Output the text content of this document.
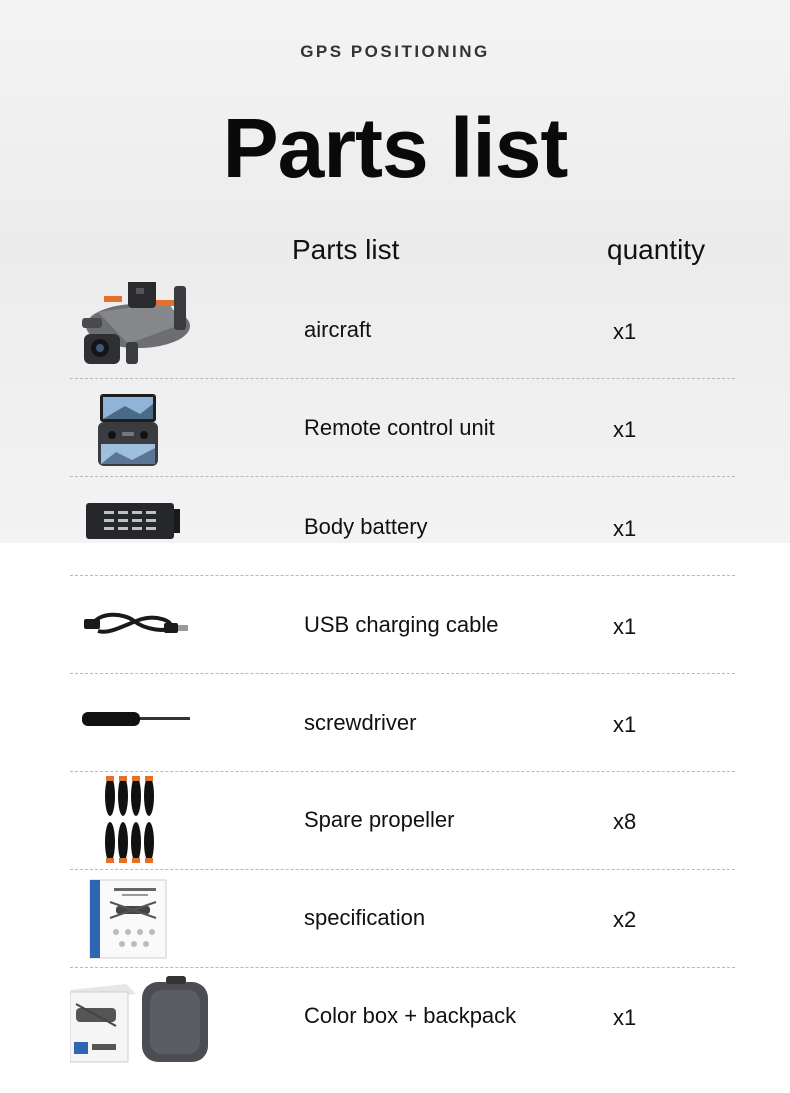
GPS POSITIONING
Parts list
Parts list	quantity
aircraft	x1
Remote control unit	x1
Body battery	x1
USB charging cable	x1
screwdriver	x1
Spare propeller	x8
specification	x2
Color box + backpack	x1
